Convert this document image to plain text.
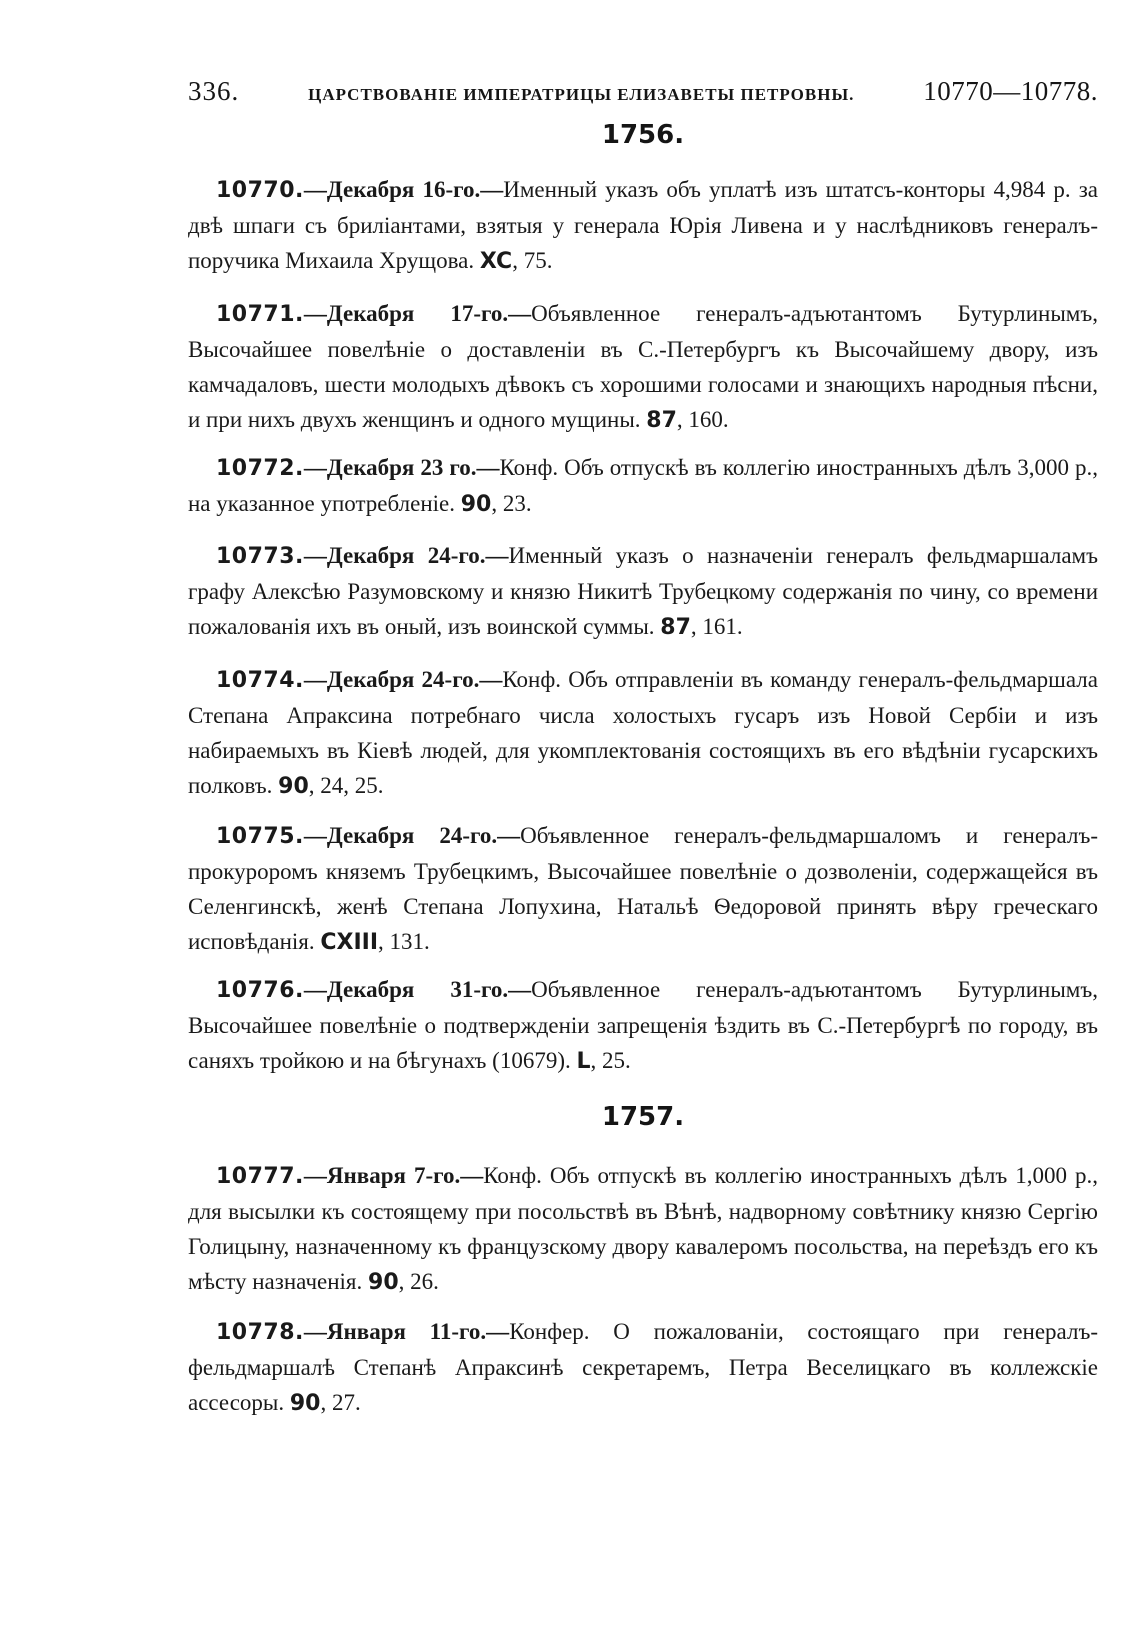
336.	ЦАРСТВОВАНІЕ ИМПЕРАТРИЦЫ ЕЛИЗАВЕТЫ ПЕТРОВНЫ.	10770—10778.
1756.
10770.—Декабря 16-го.—Именный указъ объ уплатѣ изъ штатсъ-конторы 4,984 р. за двѣ шпаги съ бриліантами, взятыя у генерала Юрія Ливена и у наслѣдниковъ генералъ-поручика Михаила Хрущова. XC, 75.
10771.—Декабря 17-го.—Объявленное генералъ-адъютантомъ Бутурлинымъ, Высочайшее повелѣніе о доставленіи въ С.-Петербургъ къ Высочайшему двору, изъ камчадаловъ, шести молодыхъ дѣвокъ съ хорошими голосами и знающихъ народныя пѣсни, и при нихъ двухъ женщинъ и одного мущины. 87, 160.
10772.—Декабря 23 го.—Конф. Объ отпускѣ въ коллегію иностранныхъ дѣлъ 3,000 р., на указанное употребленіе. 90, 23.
10773.—Декабря 24-го.—Именный указъ о назначеніи генералъ фельдмаршаламъ графу Алексѣю Разумовскому и князю Никитѣ Трубецкому содержанія по чину, со времени пожалованія ихъ въ оный, изъ воинской суммы. 87, 161.
10774.—Декабря 24-го.—Конф. Объ отправленіи въ команду генералъ-фельдмаршала Степана Апраксина потребнаго числа холостыхъ гусаръ изъ Новой Сербіи и изъ набираемыхъ въ Кіевѣ людей, для укомплектованія состоящихъ въ его вѣдѣніи гусарскихъ полковъ. 90, 24, 25.
10775.—Декабря 24-го.—Объявленное генералъ-фельдмаршаломъ и генералъ-прокуроромъ княземъ Трубецкимъ, Высочайшее повелѣніе о дозволеніи, содержащейся въ Селенгинскѣ, женѣ Степана Лопухина, Натальѣ Ѳедоровой принять вѣру греческаго исповѣданія. CXIII, 131.
10776.—Декабря 31-го.—Объявленное генералъ-адъютантомъ Бутурлинымъ, Высочайшее повелѣніе о подтвержденіи запрещенія ѣздить въ С.-Петербургѣ по городу, въ саняхъ тройкою и на бѣгунахъ (10679). L, 25.
1757.
10777.—Января 7-го.—Конф. Объ отпускѣ въ коллегію иностранныхъ дѣлъ 1,000 р., для высылки къ состоящему при посольствѣ въ Вѣнѣ, надворному совѣтнику князю Сергію Голицыну, назначенному къ французскому двору кавалеромъ посольства, на переѣздъ его къ мѣсту назначенія. 90, 26.
10778.—Января 11-го.—Конфер. О пожалованіи, состоящаго при генералъ-фельдмаршалѣ Степанѣ Апраксинѣ секретаремъ, Петра Веселицкаго въ коллежскіе ассесоры. 90, 27.
